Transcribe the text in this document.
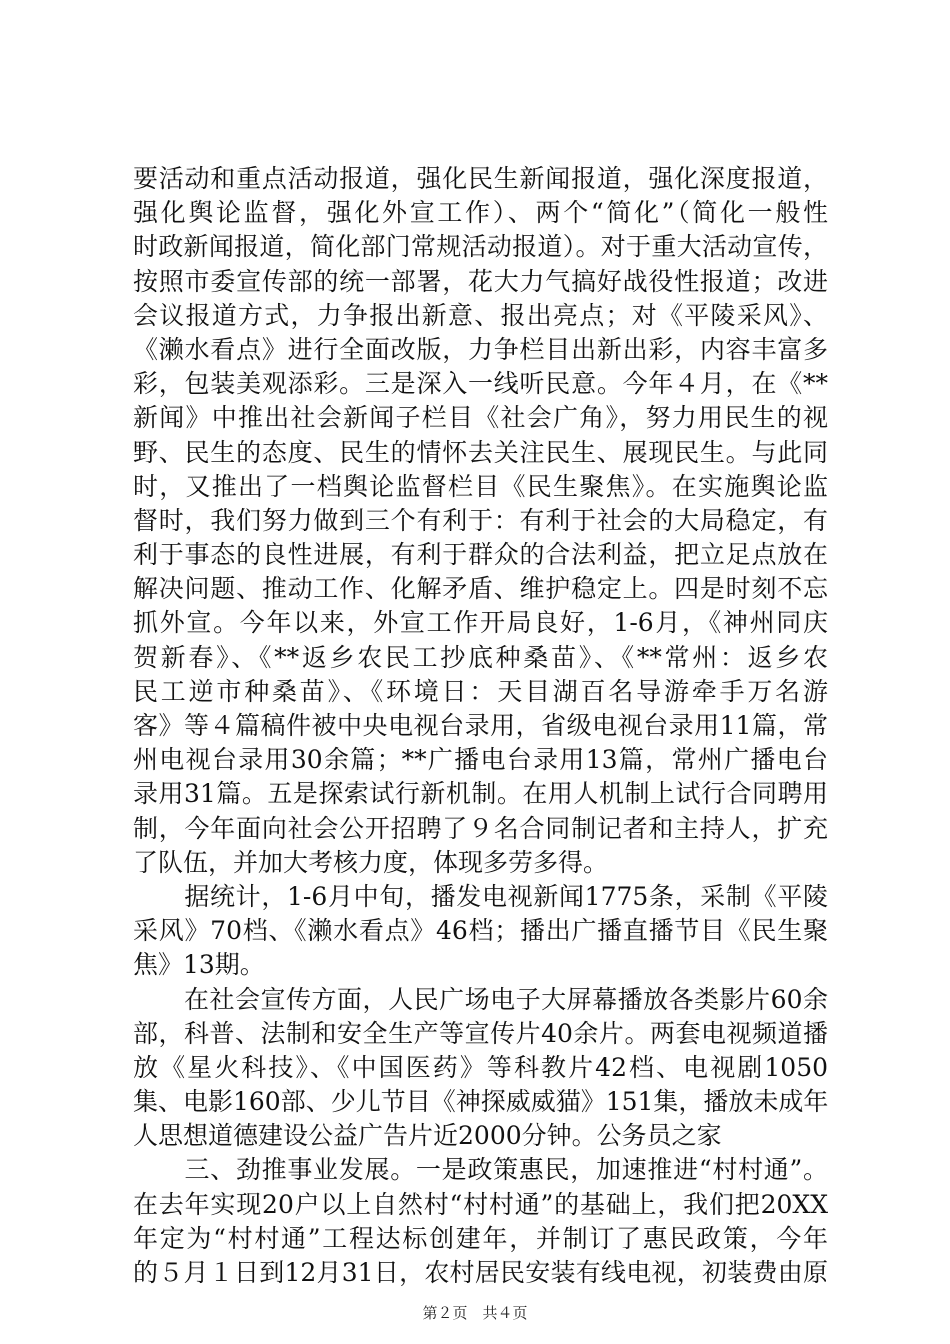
要活动和重点活动报道，强化民生新闻报道，强化深度报道，
强化舆论监督，强化外宣工作）、两个“简化”（简化一般性
时政新闻报道，简化部门常规活动报道）。对于重大活动宣传，
按照市委宣传部的统一部署，花大力气搞好战役性报道；改进
会议报道方式，力争报出新意、报出亮点；对《平陵采风》、
《濑水看点》进行全面改版，力争栏目出新出彩，内容丰富多
彩，包装美观添彩。三是深入一线听民意。今年４月，在《**
新闻》中推出社会新闻子栏目《社会广角》，努力用民生的视
野、民生的态度、民生的情怀去关注民生、展现民生。与此同
时，又推出了一档舆论监督栏目《民生聚焦》。在实施舆论监
督时，我们努力做到三个有利于：有利于社会的大局稳定，有
利于事态的良性进展，有利于群众的合法利益，把立足点放在
解决问题、推动工作、化解矛盾、维护稳定上。四是时刻不忘
抓外宣。今年以来，外宣工作开局良好，1-6月，《神州同庆
贺新春》、《**返乡农民工抄底种桑苗》、《**常州：返乡农
民工逆市种桑苗》、《环境日：天目湖百名导游牵手万名游
客》等４篇稿件被中央电视台录用，省级电视台录用11篇，常
州电视台录用30余篇；**广播电台录用13篇，常州广播电台
录用31篇。五是探索试行新机制。在用人机制上试行合同聘用
制，今年面向社会公开招聘了９名合同制记者和主持人，扩充
了队伍，并加大考核力度，体现多劳多得。
　　据统计，1-6月中旬，播发电视新闻1775条，采制《平陵
采风》70档、《濑水看点》46档；播出广播直播节目《民生聚
焦》13期。
　　在社会宣传方面，人民广场电子大屏幕播放各类影片60余
部，科普、法制和安全生产等宣传片40余片。两套电视频道播
放《星火科技》、《中国医药》等科教片42档、电视剧1050
集、电影160部、少儿节目《神探威威猫》151集，播放未成年
人思想道德建设公益广告片近2000分钟。公务员之家
　　三、劲推事业发展。一是政策惠民，加速推进“村村通”。
在去年实现20户以上自然村“村村通”的基础上，我们把20XX
年定为“村村通”工程达标创建年，并制订了惠民政策，今年
的５月１日到12月31日，农村居民安装有线电视，初装费由原
第２页　共４页
